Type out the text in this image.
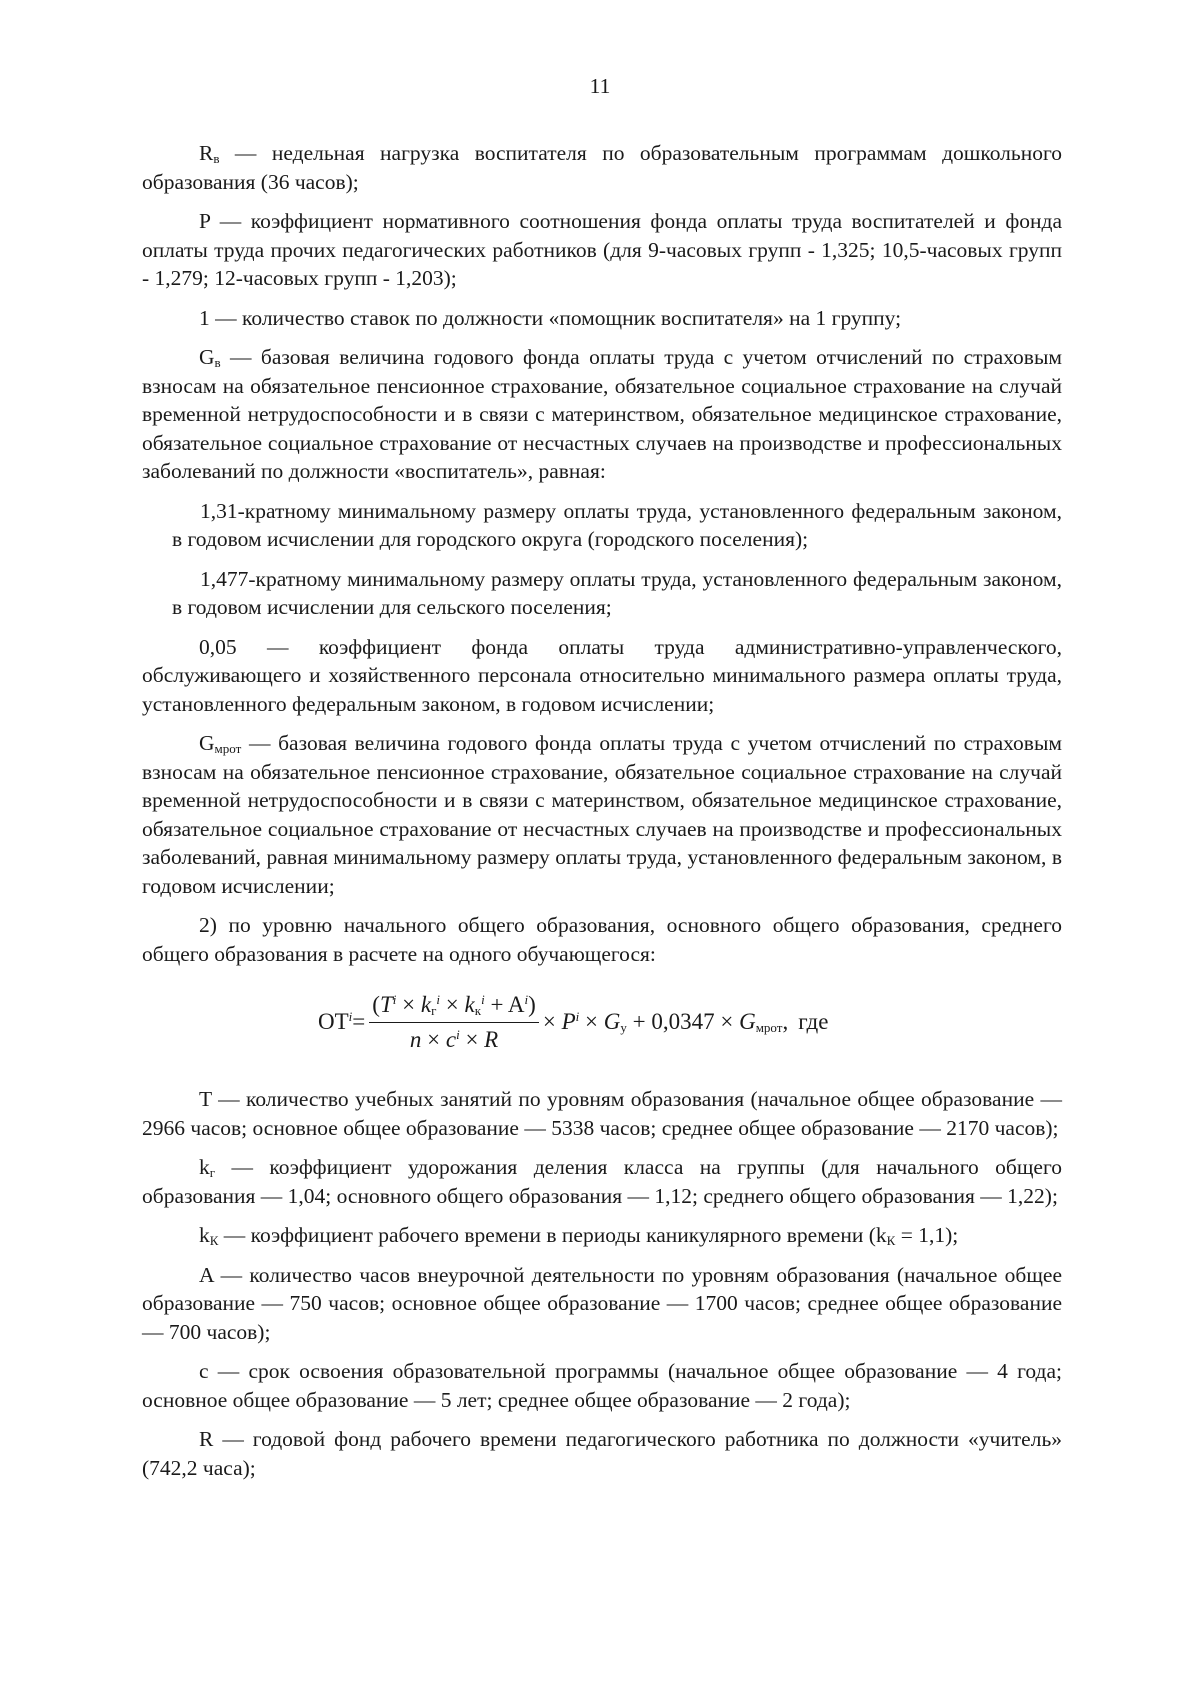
11

$R_в$ — недельная нагрузка воспитателя по образовательным программам дошкольного образования (36 часов);

P — коэффициент нормативного соотношения фонда оплаты труда воспитателей и фонда оплаты труда прочих педагогических работников (для 9-часовых групп - 1,325; 10,5-часовых групп - 1,279; 12-часовых групп - 1,203);

1 — количество ставок по должности «помощник воспитателя» на 1 группу;

$G_в$ — базовая величина годового фонда оплаты труда с учетом отчислений по страховым взносам на обязательное пенсионное страхование, обязательное социальное страхование на случай временной нетрудоспособности и в связи с материнством, обязательное медицинское страхование, обязательное социальное страхование от несчастных случаев на производстве и профессиональных заболеваний по должности «воспитатель», равная:

1,31-кратному минимальному размеру оплаты труда, установленного федеральным законом, в годовом исчислении для городского округа (городского поселения);

1,477-кратному минимальному размеру оплаты труда, установленного федеральным законом, в годовом исчислении для сельского поселения;

0,05 — коэффициент фонда оплаты труда административно-управленческого, обслуживающего и хозяйственного персонала относительно минимального размера оплаты труда, установленного федеральным законом, в годовом исчислении;

$G_{мрот}$ — базовая величина годового фонда оплаты труда с учетом отчислений по страховым взносам на обязательное пенсионное страхование, обязательное социальное страхование на случай временной нетрудоспособности и в связи с материнством, обязательное медицинское страхование, обязательное социальное страхование от несчастных случаев на производстве и профессиональных заболеваний, равная минимальному размеру оплаты труда, установленного федеральным законом, в годовом исчислении;

2) по уровню начального общего образования, основного общего образования, среднего общего образования в расчете на одного обучающегося:

$OT^i = \frac{(T^i \times k_г^i \times k_к^i + A^i)}{n \times c^i \times R} \times P^i \times G_у + 0,0347 \times G_{мрот}$, где

T — количество учебных занятий по уровням образования (начальное общее образование — 2966 часов; основное общее образование — 5338 часов; среднее общее образование — 2170 часов);

$k_г$ — коэффициент удорожания деления класса на группы (для начального общего образования — 1,04; основного общего образования — 1,12; среднего общего образования — 1,22);

$k_К$ — коэффициент рабочего времени в периоды каникулярного времени $(k_К = 1,1)$;

A — количество часов внеурочной деятельности по уровням образования (начальное общее образование — 750 часов; основное общее образование — 1700 часов; среднее общее образование — 700 часов);

c — срок освоения образовательной программы (начальное общее образование — 4 года; основное общее образование — 5 лет; среднее общее образование — 2 года);

R — годовой фонд рабочего времени педагогического работника по должности «учитель» (742,2 часа);
